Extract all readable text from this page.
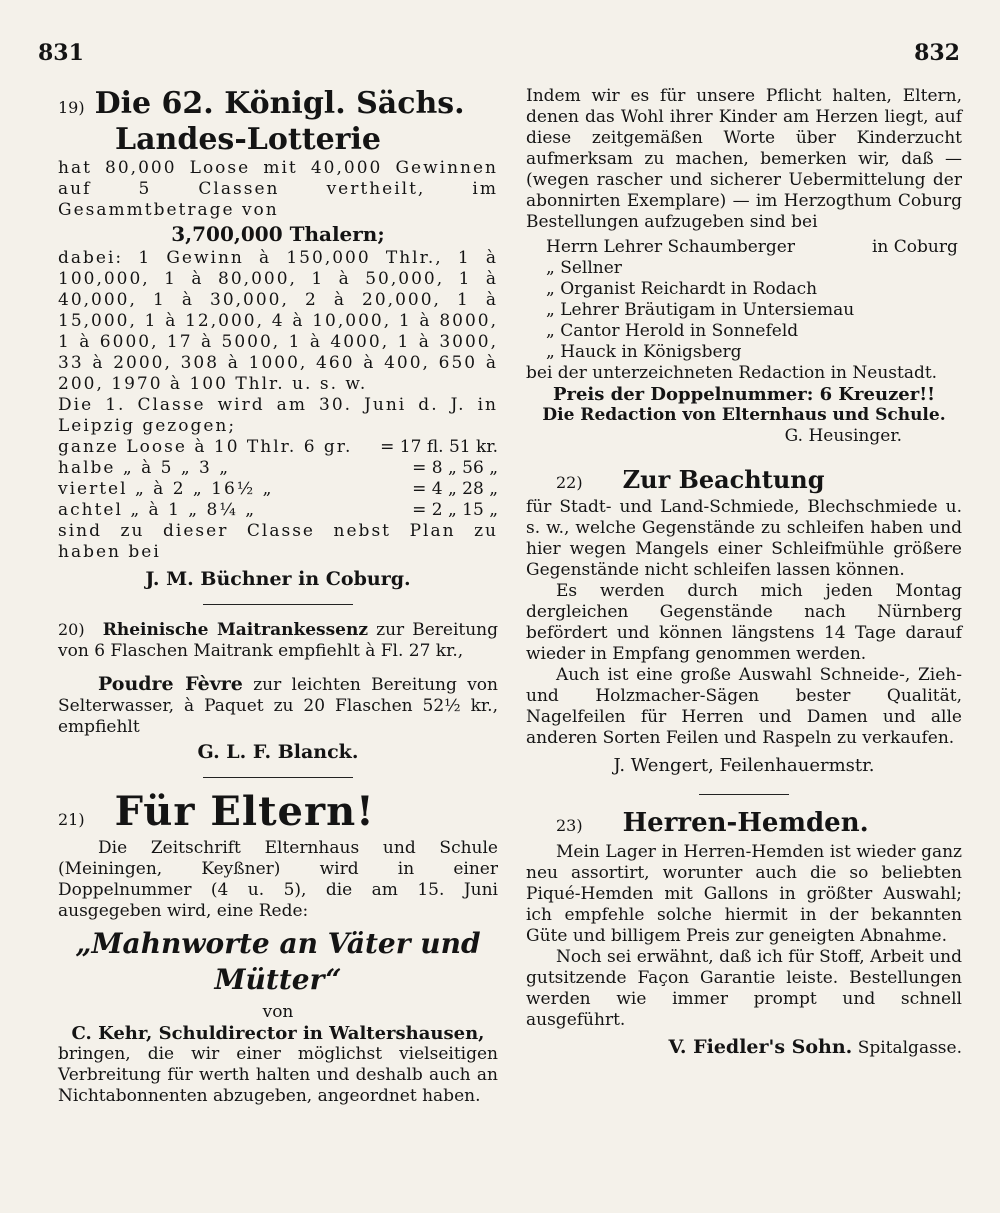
831	832
19) Die 62. Königl. Sächs.

Landes-Lotterie

hat 80,000 Loose mit 40,000 Gewinnen auf 5 Classen vertheilt, im Gesammtbetrage von

3,700,000 Thalern;

dabei: 1 Gewinn à 150,000 Thlr., 1 à 100,000, 1 à 80,000, 1 à 50,000, 1 à 40,000, 1 à 30,000, 2 à 20,000, 1 à 15,000, 1 à 12,000, 4 à 10,000, 1 à 8000, 1 à 6000, 17 à 5000, 1 à 4000, 1 à 3000, 33 à 2000, 308 à 1000, 460 à 400, 650 à 200, 1970 à 100 Thlr. u. s. w.

Die 1. Classe wird am 30. Juni d. J. in Leipzig gezogen;

ganze Loose à 10 Thlr. 6 gr.	= 17 fl. 51 kr.
halbe „ à 5 „ 3 „	= 8 „ 56 „
viertel „ à 2 „ 16½ „	= 4 „ 28 „
achtel „ à 1 „ 8¼ „	= 2 „ 15 „

sind zu dieser Classe nebst Plan zu haben bei

J. M. Büchner in Coburg.

20) Rheinische Maitrankessenz zur Bereitung von 6 Flaschen Maitrank empfiehlt à Fl. 27 kr.,

Poudre Fèvre zur leichten Bereitung von Selterwasser, à Paquet zu 20 Flaschen 52½ kr., empfiehlt

G. L. F. Blanck.

21) Für Eltern!

Die Zeitschrift Elternhaus und Schule (Meiningen, Keyßner) wird in einer Doppelnummer (4 u. 5), die am 15. Juni ausgegeben wird, eine Rede:

„Mahnworte an Väter und Mütter“

von

C. Kehr, Schuldirector in Waltershausen,

bringen, die wir einer möglichst vielseitigen Verbreitung für werth halten und deshalb auch an Nichtabonnenten abzugeben, angeordnet haben.

Indem wir es für unsere Pflicht halten, Eltern, denen das Wohl ihrer Kinder am Herzen liegt, auf diese zeitgemäßen Worte über Kinderzucht aufmerksam zu machen, bemerken wir, daß — (wegen rascher und sicherer Uebermittelung der abonnirten Exemplare) — im Herzogthum Coburg Bestellungen aufzugeben sind bei

Herrn Lehrer Schaumberger

„ Sellner

„ Organist Reichardt in Rodach

„ Lehrer Bräutigam in Untersiemau

„ Cantor Herold in Sonnefeld

„ Hauck in Königsberg

in Coburg

bei der unterzeichneten Redaction in Neustadt.

Preis der Doppelnummer: 6 Kreuzer!!

Die Redaction von Elternhaus und Schule.

G. Heusinger.

22) Zur Beachtung

für Stadt- und Land-Schmiede, Blechschmiede u. s. w., welche Gegenstände zu schleifen haben und hier wegen Mangels einer Schleifmühle größere Gegenstände nicht schleifen lassen können.

Es werden durch mich jeden Montag dergleichen Gegenstände nach Nürnberg befördert und können längstens 14 Tage darauf wieder in Empfang genommen werden.

Auch ist eine große Auswahl Schneide-, Zieh- und Holzmacher-Sägen bester Qualität, Nagelfeilen für Herren und Damen und alle anderen Sorten Feilen und Raspeln zu verkaufen.

J. Wengert, Feilenhauermstr.

23) Herren-Hemden.

Mein Lager in Herren-Hemden ist wieder ganz neu assortirt, worunter auch die so beliebten Piqué-Hemden mit Gallons in größter Auswahl; ich empfehle solche hiermit in der bekannten Güte und billigem Preis zur geneigten Abnahme.

Noch sei erwähnt, daß ich für Stoff, Arbeit und gutsitzende Façon Garantie leiste. Bestellungen werden wie immer prompt und schnell ausgeführt.

V. Fiedler's Sohn. Spitalgasse.
